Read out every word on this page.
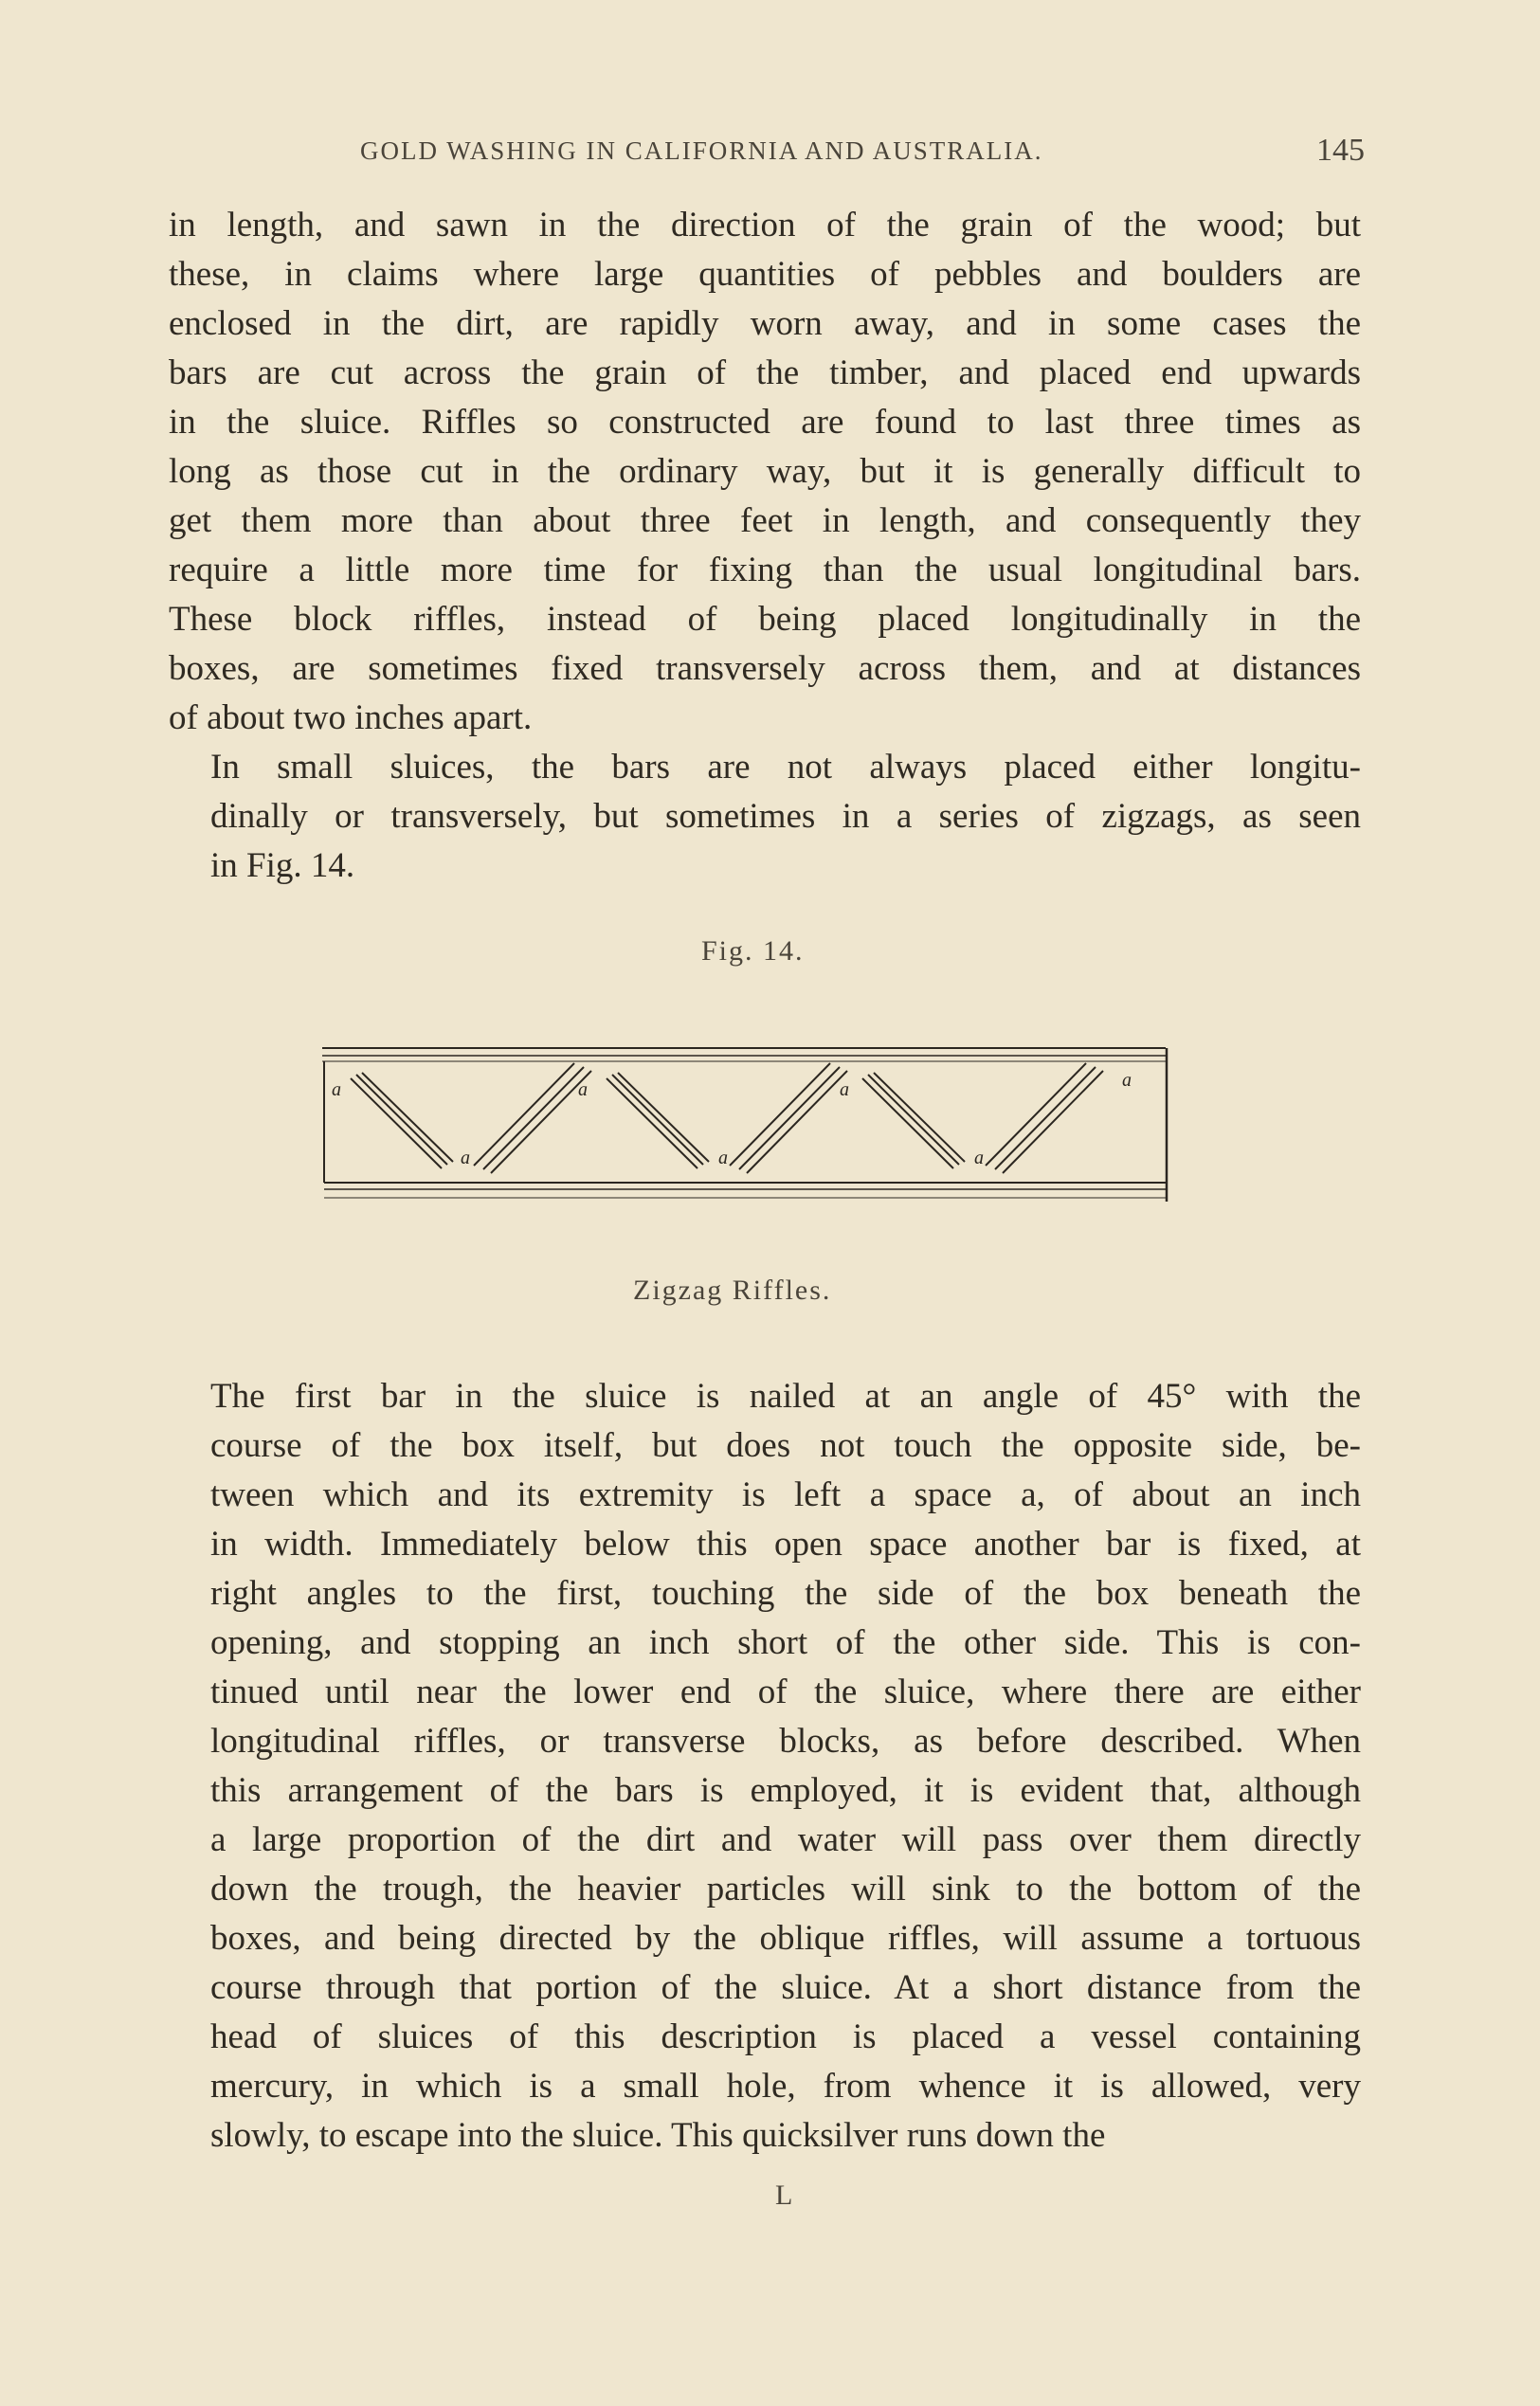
GOLD WASHING IN CALIFORNIA AND AUSTRALIA.	145

in length, and sawn in the direction of the grain of the wood; but
these, in claims where large quantities of pebbles and boulders are
enclosed in the dirt, are rapidly worn away, and in some cases the
bars are cut across the grain of the timber, and placed end upwards
in the sluice. Riffles so constructed are found to last three times as
long as those cut in the ordinary way, but it is generally difficult to
get them more than about three feet in length, and consequently they
require a little more time for fixing than the usual longitudinal bars.
These block riffles, instead of being placed longitudinally in the
boxes, are sometimes fixed transversely across them, and at distances
of about two inches apart.

In small sluices, the bars are not always placed either longitu-
dinally or transversely, but sometimes in a series of zigzags, as seen
in Fig. 14.

Fig. 14.
a
a
a
a
a
a
a
Zigzag Riffles.

The first bar in the sluice is nailed at an angle of 45° with the
course of the box itself, but does not touch the opposite side, be-
tween which and its extremity is left a space a, of about an inch
in width. Immediately below this open space another bar is fixed, at
right angles to the first, touching the side of the box beneath the
opening, and stopping an inch short of the other side. This is con-
tinued until near the lower end of the sluice, where there are either
longitudinal riffles, or transverse blocks, as before described. When
this arrangement of the bars is employed, it is evident that, although
a large proportion of the dirt and water will pass over them directly
down the trough, the heavier particles will sink to the bottom of the
boxes, and being directed by the oblique riffles, will assume a tortuous
course through that portion of the sluice. At a short distance from the
head of sluices of this description is placed a vessel containing
mercury, in which is a small hole, from whence it is allowed, very
slowly, to escape into the sluice. This quicksilver runs down the

L
